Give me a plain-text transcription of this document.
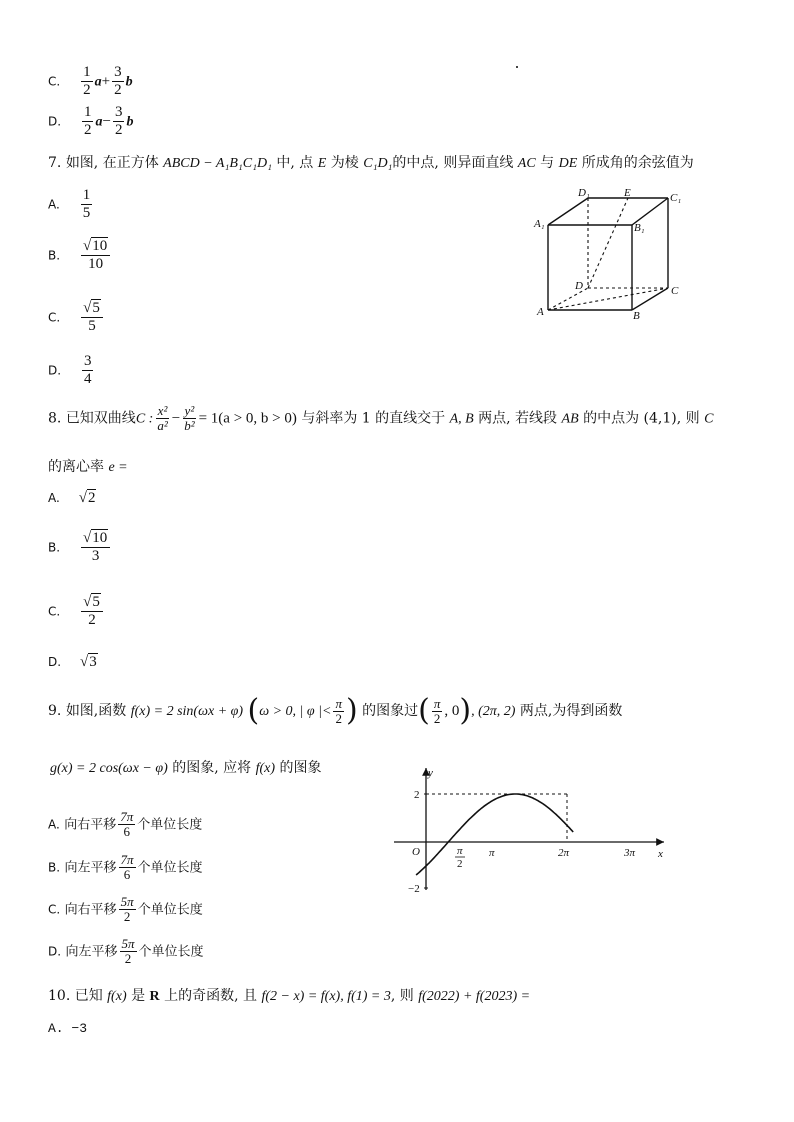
C. $\frac{1}{2} a+ \frac{3}{2}$ b
D. $\frac{1}{2} a- \frac{3}{2}$ b
7. 如图, 在正方体 ABCD − A₁B₁C₁D₁ 中, 点 E 为棱 C₁D₁的中点, 则异面直线 AC 与 DE 所成角的余弦值为
A. $\frac{1}{5}$
B. $\frac{√10}{10}$
C. $\frac{√5}{5}$
D. $\frac{3}{4}$
D₁	E	C₁
A₁	B₁
D	C
A	B
8. 已知双曲线C : $\frac{\text{x²}}{\text{a²}} - \frac{\text{y²}}{\text{b²}} = 1(a > 0$, b > 0) 与斜率为 1 的直线交于 A, B 两点, 若线段 AB 的中点为 (4,1), 则 C
的离心率 e =
A. √2
B. $\frac{√10}{3}$
C. $\frac{√5}{2}$
D. √3
9. 如图,函数 f(x) = 2 sin(ωx + φ) (ω > 0, | φ |< $\frac{\pi}{2}$ ) 的图象过( $\frac{\pi}{2}$ , 0), (2π, 2) 两点,为得到函数
g(x) = 2 cos(ωx − φ) 的图象, 应将 f(x) 的图象
A. 向右平移 $\frac{7\pi}{6}$ 个单位长度
B. 向左平移 $\frac{7\pi}{6}$ 个单位长度
C. 向右平移 $\frac{5\pi}{2}$ 个单位长度
D. 向左平移 $\frac{5\pi}{2}$ 个单位长度
y
x
O
2
−2
π
2
π	2π	3π
10. 已知 f(x) 是 R 上的奇函数, 且 f(2 − x) = f(x), f(1) = 3, 则 f(2022) + f(2023) =
A. −3
